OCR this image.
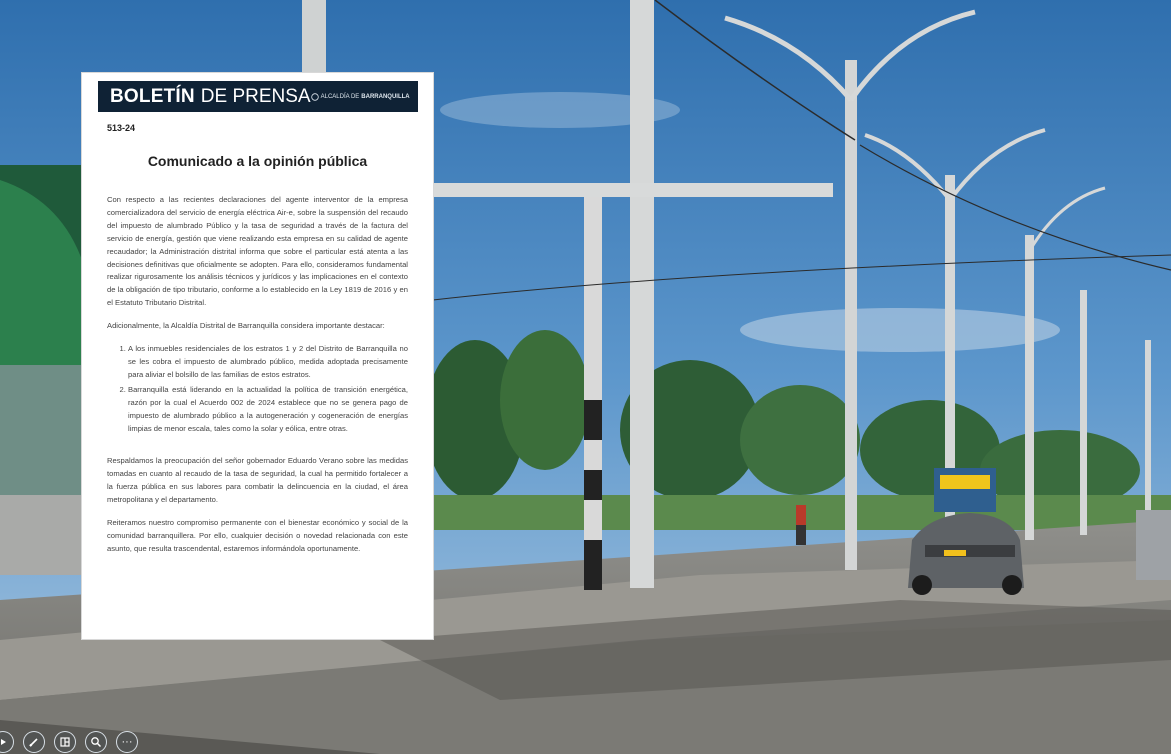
BOLETÍN DE PRENSA ALCALDÍA DE BARRANQUILLA
513-24
Comunicado a la opinión pública

Con respecto a las recientes declaraciones del agente interventor de la empresa comercializadora del servicio de energía eléctrica Air-e, sobre la suspensión del recaudo del impuesto de alumbrado Público y la tasa de seguridad a través de la factura del servicio de energía, gestión que viene realizando esta empresa en su calidad de agente recaudador; la Administración distrital informa que sobre el particular está atenta a las decisiones definitivas que oficialmente se adopten. Para ello, consideramos fundamental realizar rigurosamente los análisis técnicos y jurídicos y las implicaciones en el contexto de la obligación de tipo tributario, conforme a lo establecido en la Ley 1819 de 2016 y en el Estatuto Tributario Distrital.

Adicionalmente, la Alcaldía Distrital de Barranquilla considera importante destacar:

1. A los inmuebles residenciales de los estratos 1 y 2 del Distrito de Barranquilla no se les cobra el impuesto de alumbrado público, medida adoptada precisamente para aliviar el bolsillo de las familias de estos estratos.
2. Barranquilla está liderando en la actualidad la política de transición energética, razón por la cual el Acuerdo 002 de 2024 establece que no se genera pago de impuesto de alumbrado público a la autogeneración y cogeneración de energías limpias de menor escala, tales como la solar y eólica, entre otras.

Respaldamos la preocupación del señor gobernador Eduardo Verano sobre las medidas tomadas en cuanto al recaudo de la tasa de seguridad, la cual ha permitido fortalecer a la fuerza pública en sus labores para combatir la delincuencia en la ciudad, el área metropolitana y el departamento.

Reiteramos nuestro compromiso permanente con el bienestar económico y social de la comunidad barranquillera. Por ello, cualquier decisión o novedad relacionada con este asunto, que resulta trascendental, estaremos informándola oportunamente.

···
